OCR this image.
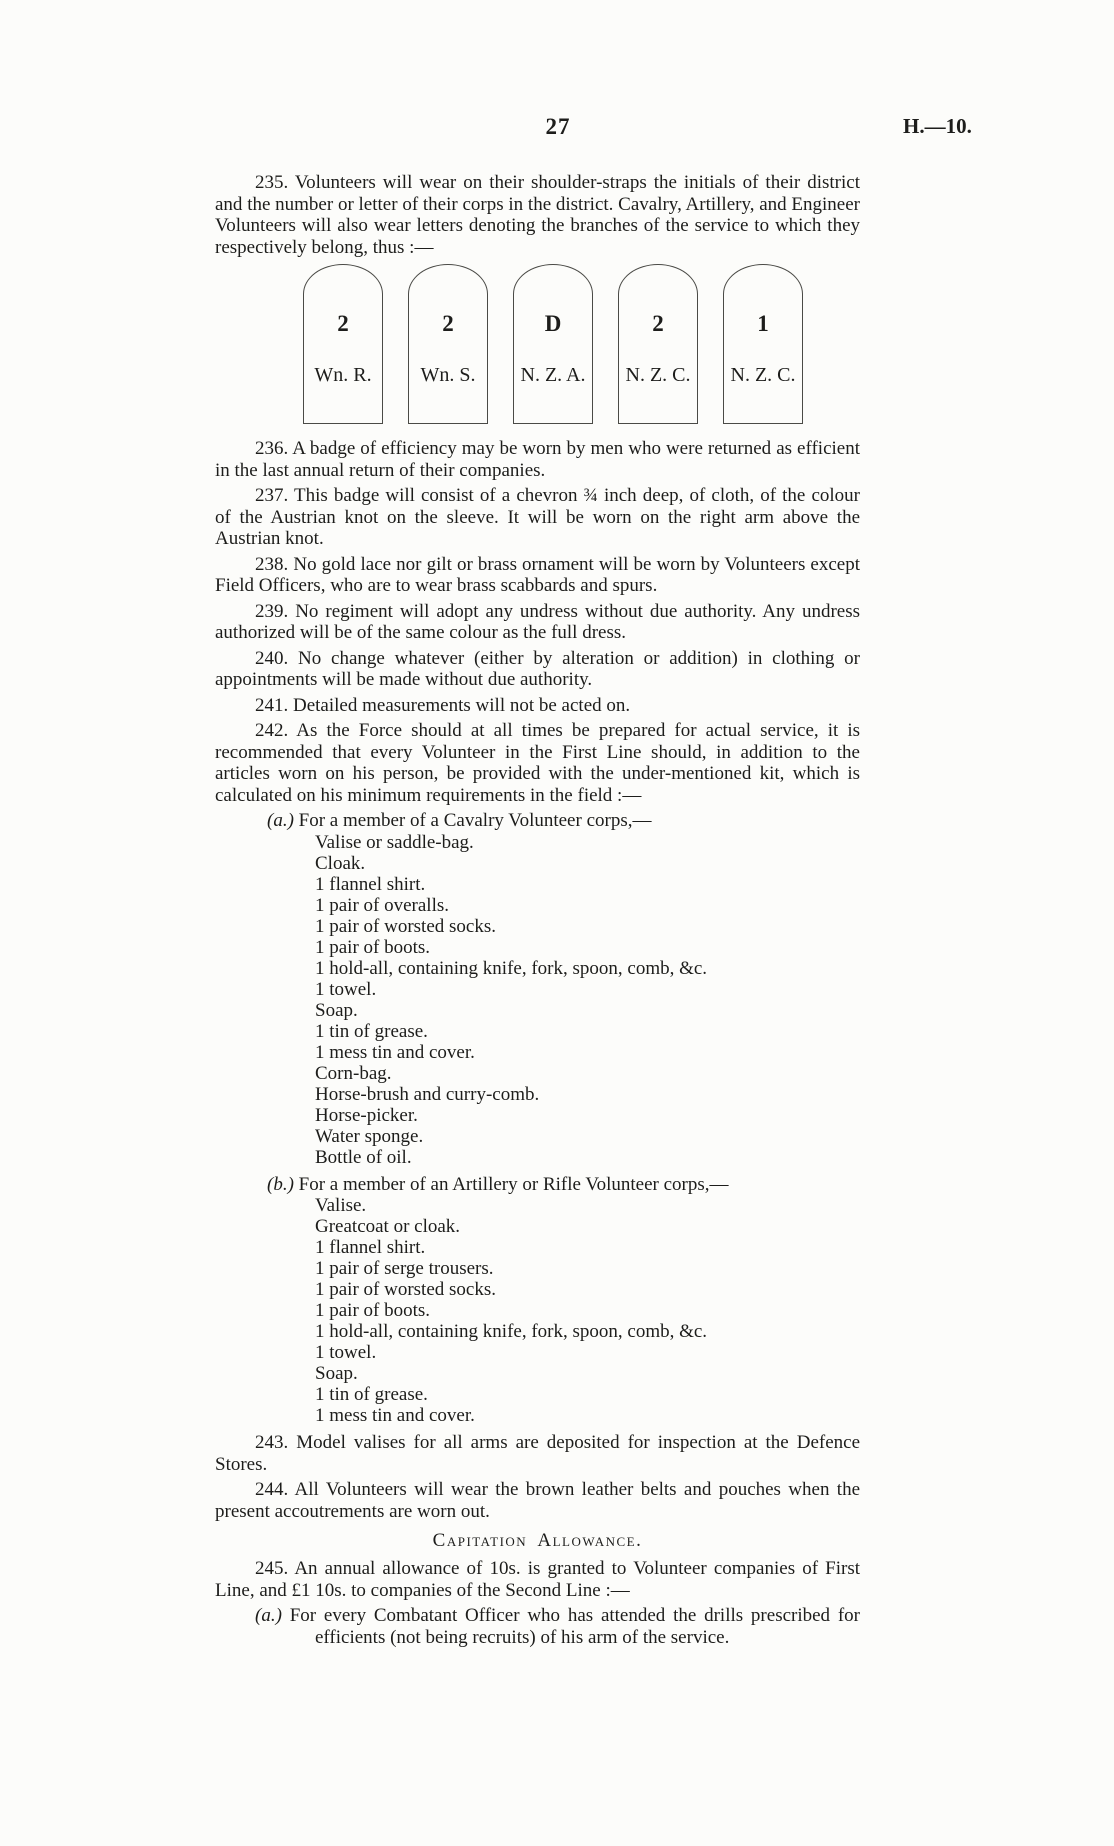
27	H.—10.

235. Volunteers will wear on their shoulder-straps the initials of their district and the number or letter of their corps in the district. Cavalry, Artillery, and Engineer Volunteers will also wear letters denoting the branches of the service to which they respectively belong, thus :—

2
Wn. R.
2
Wn. S.
D
N. Z. A.
2
N. Z. C.
1
N. Z. C.

236. A badge of efficiency may be worn by men who were returned as efficient in the last annual return of their companies.

237. This badge will consist of a chevron ¾ inch deep, of cloth, of the colour of the Austrian knot on the sleeve. It will be worn on the right arm above the Austrian knot.

238. No gold lace nor gilt or brass ornament will be worn by Volunteers except Field Officers, who are to wear brass scabbards and spurs.

239. No regiment will adopt any undress without due authority. Any undress authorized will be of the same colour as the full dress.

240. No change whatever (either by alteration or addition) in clothing or appointments will be made without due authority.

241. Detailed measurements will not be acted on.

242. As the Force should at all times be prepared for actual service, it is recommended that every Volunteer in the First Line should, in addition to the articles worn on his person, be provided with the under-mentioned kit, which is calculated on his minimum requirements in the field :—

(a.) For a member of a Cavalry Volunteer corps,—
Valise or saddle-bag.
Cloak.
1 flannel shirt.
1 pair of overalls.
1 pair of worsted socks.
1 pair of boots.
1 hold-all, containing knife, fork, spoon, comb, &c.
1 towel.
Soap.
1 tin of grease.
1 mess tin and cover.
Corn-bag.
Horse-brush and curry-comb.
Horse-picker.
Water sponge.
Bottle of oil.
(b.) For a member of an Artillery or Rifle Volunteer corps,—
Valise.
Greatcoat or cloak.
1 flannel shirt.
1 pair of serge trousers.
1 pair of worsted socks.
1 pair of boots.
1 hold-all, containing knife, fork, spoon, comb, &c.
1 towel.
Soap.
1 tin of grease.
1 mess tin and cover.

243. Model valises for all arms are deposited for inspection at the Defence Stores.

244. All Volunteers will wear the brown leather belts and pouches when the present accoutrements are worn out.

Capitation Allowance.

245. An annual allowance of 10s. is granted to Volunteer companies of First Line, and £1 10s. to companies of the Second Line :—

(a.) For every Combatant Officer who has attended the drills prescribed for efficients (not being recruits) of his arm of the service.
